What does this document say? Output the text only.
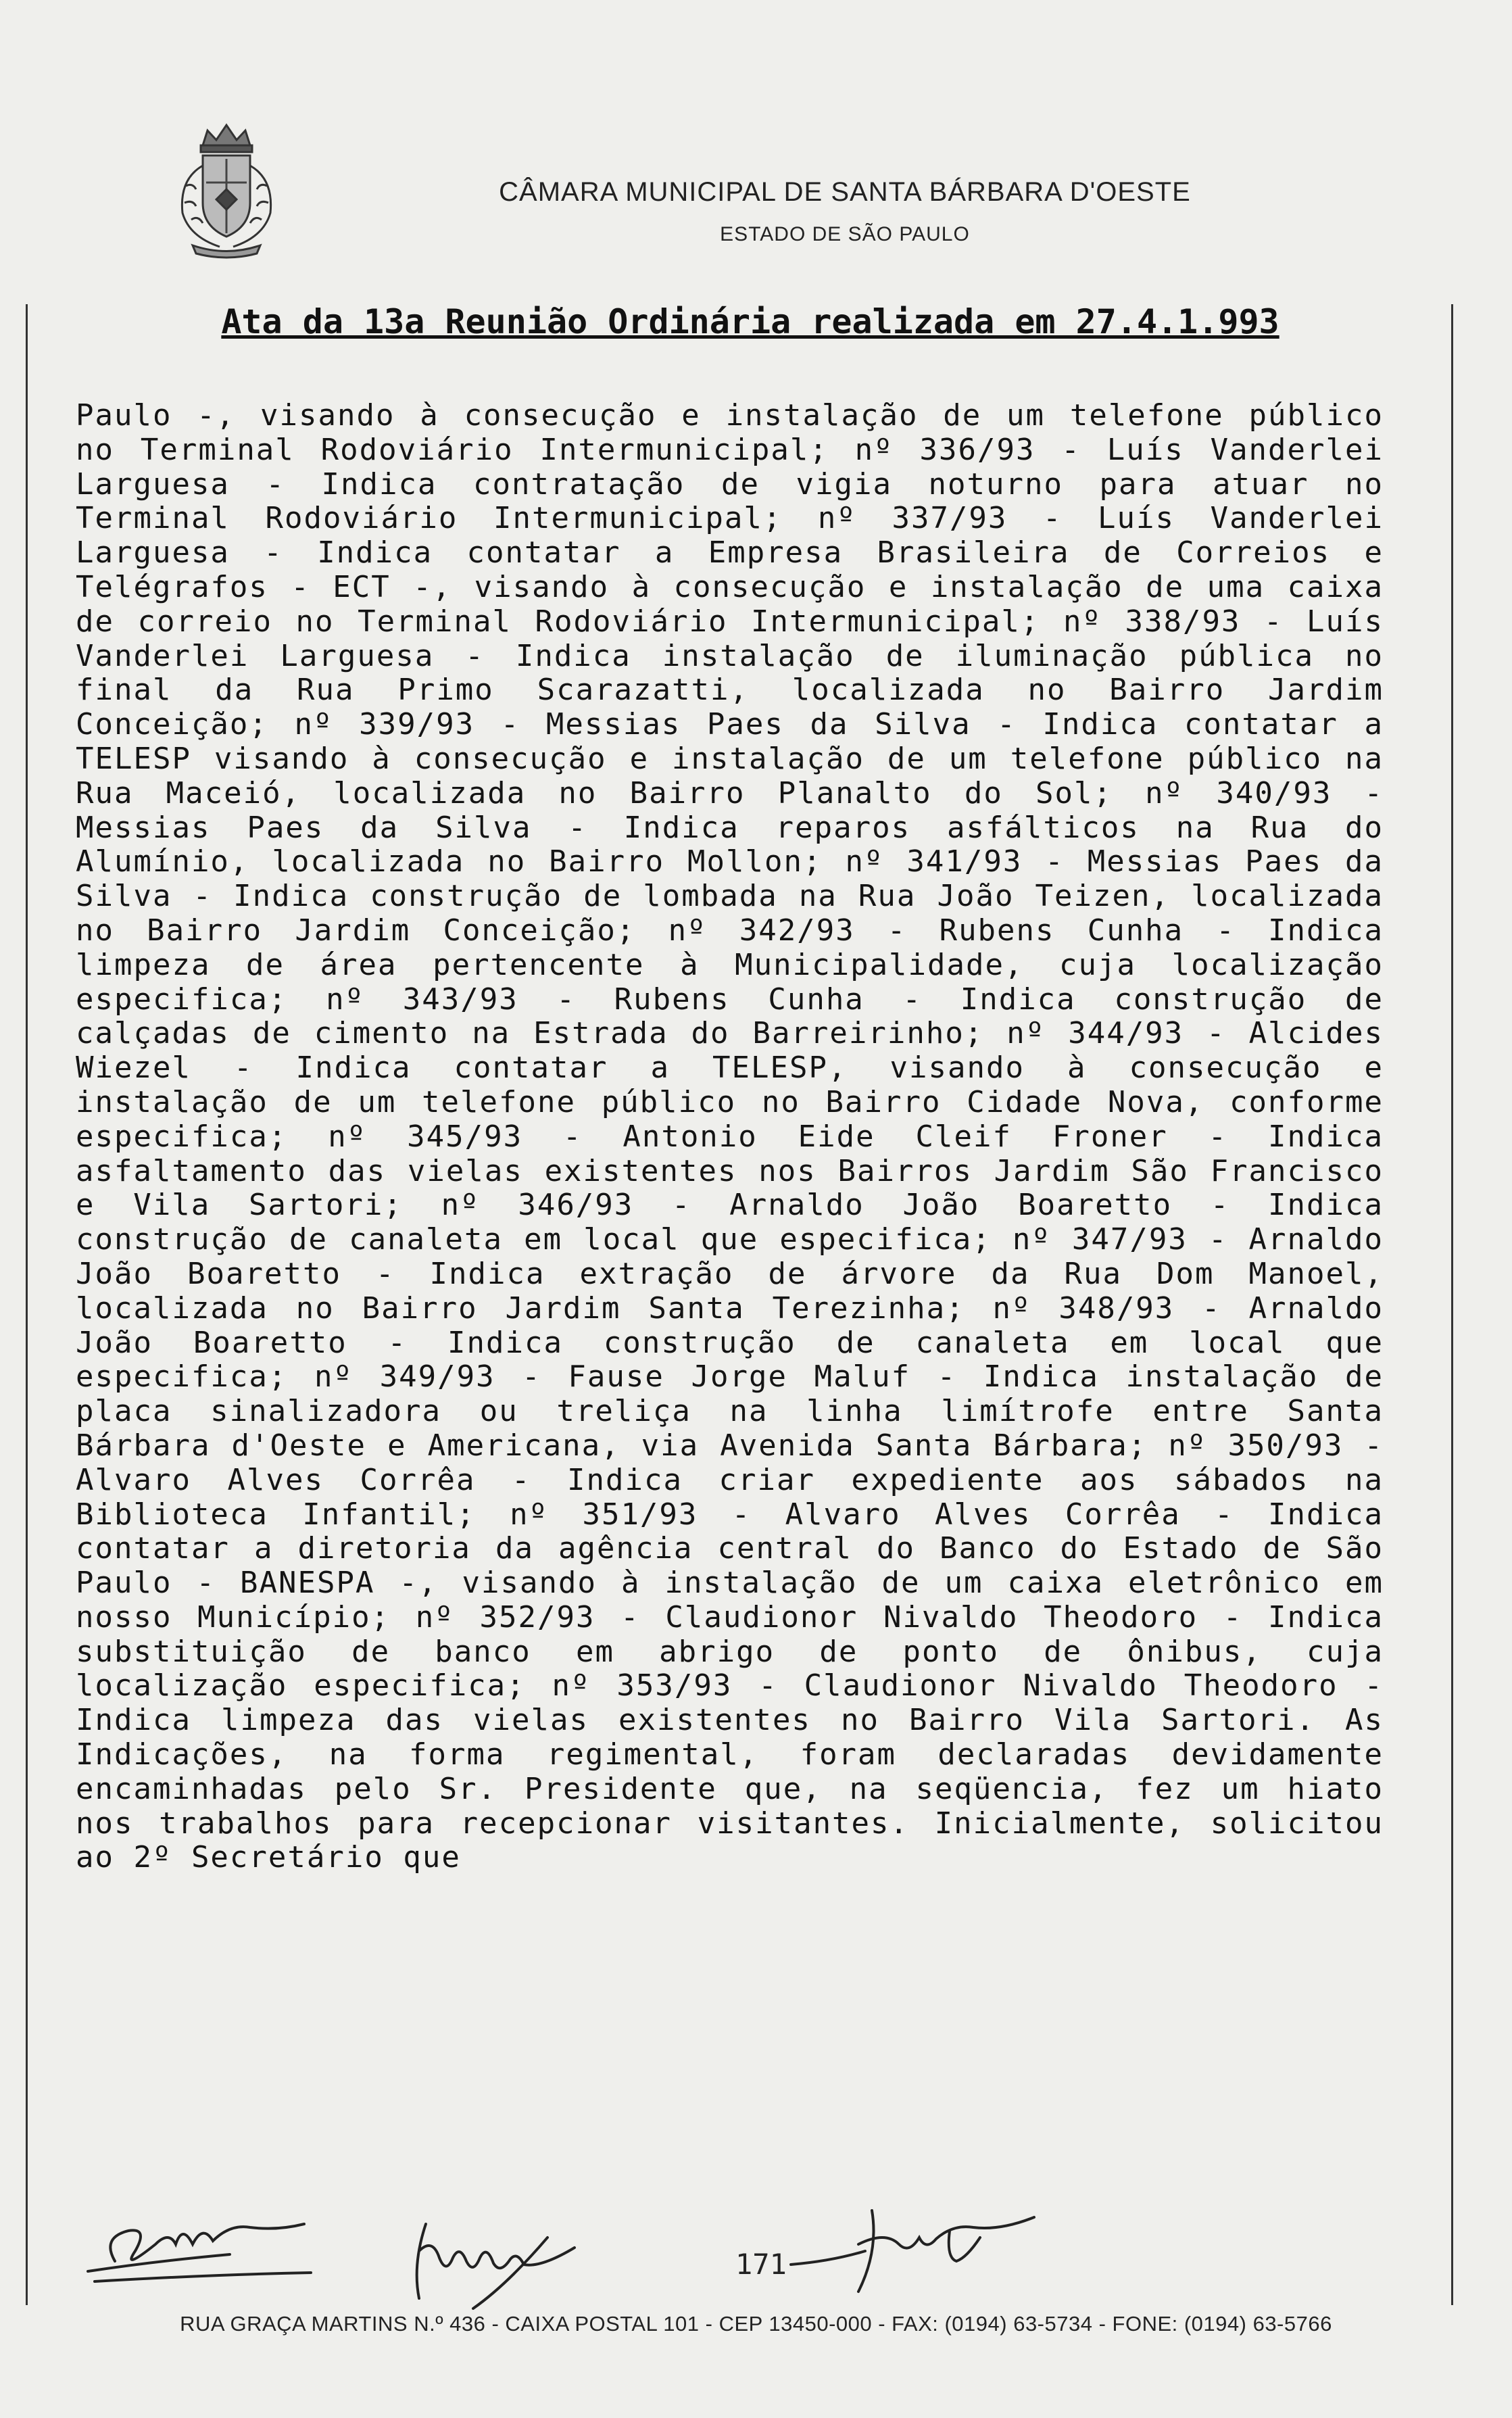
CÂMARA MUNICIPAL DE SANTA BÁRBARA D'OESTE
ESTADO DE SÃO PAULO
Ata da 13a Reunião Ordinária realizada em 27.4.1.993

Paulo -, visando à consecução e instalação de um telefone público no Terminal Rodoviário Intermunicipal; nº 336/93 - Luís Vanderlei Larguesa - Indica contratação de vigia noturno para atuar no Terminal Rodoviário Intermunicipal; nº 337/93 - Luís Vanderlei Larguesa - Indica contatar a Empresa Brasileira de Correios e Telégrafos - ECT -, visando à consecução e instalação de uma caixa de correio no Terminal Rodoviário Intermunicipal; nº 338/93 - Luís Vanderlei Larguesa - Indica instalação de iluminação pública no final da Rua Primo Scarazatti, localizada no Bairro Jardim Conceição; nº 339/93 - Messias Paes da Silva - Indica contatar a TELESP visando à consecução e instalação de um telefone público na Rua Maceió, localizada no Bairro Planalto do Sol; nº 340/93 - Messias Paes da Silva - Indica reparos asfálticos na Rua do Alumínio, localizada no Bairro Mollon; nº 341/93 - Messias Paes da Silva - Indica construção de lombada na Rua João Teizen, localizada no Bairro Jardim Conceição; nº 342/93 - Rubens Cunha - Indica limpeza de área pertencente à Municipalidade, cuja localização especifica; nº 343/93 - Rubens Cunha - Indica construção de calçadas de cimento na Estrada do Barreirinho; nº 344/93 - Alcides Wiezel - Indica contatar a TELESP, visando à consecução e instalação de um telefone público no Bairro Cidade Nova, conforme especifica; nº 345/93 - Antonio Eide Cleif Froner - Indica asfaltamento das vielas existentes nos Bairros Jardim São Francisco e Vila Sartori; nº 346/93 - Arnaldo João Boaretto - Indica construção de canaleta em local que especifica; nº 347/93 - Arnaldo João Boaretto - Indica extração de árvore da Rua Dom Manoel, localizada no Bairro Jardim Santa Terezinha; nº 348/93 - Arnaldo João Boaretto - Indica construção de canaleta em local que especifica; nº 349/93 - Fause Jorge Maluf - Indica instalação de placa sinalizadora ou treliça na linha limítrofe entre Santa Bárbara d'Oeste e Americana, via Avenida Santa Bárbara; nº 350/93 - Alvaro Alves Corrêa - Indica criar expediente aos sábados na Biblioteca Infantil; nº 351/93 - Alvaro Alves Corrêa - Indica contatar a diretoria da agência central do Banco do Estado de São Paulo - BANESPA -, visando à instalação de um caixa eletrônico em nosso Município; nº 352/93 - Claudionor Nivaldo Theodoro - Indica substituição de banco em abrigo de ponto de ônibus, cuja localização especifica; nº 353/93 - Claudionor Nivaldo Theodoro - Indica limpeza das vielas existentes no Bairro Vila Sartori. As Indicações, na forma regimental, foram declaradas devidamente encaminhadas pelo Sr. Presidente que, na seqüencia, fez um hiato nos trabalhos para recepcionar visitantes. Inicialmente, solicitou ao 2º Secretário que

171
RUA GRAÇA MARTINS N.º 436 - CAIXA POSTAL 101 - CEP 13450-000 - FAX: (0194) 63-5734 - FONE: (0194) 63-5766
